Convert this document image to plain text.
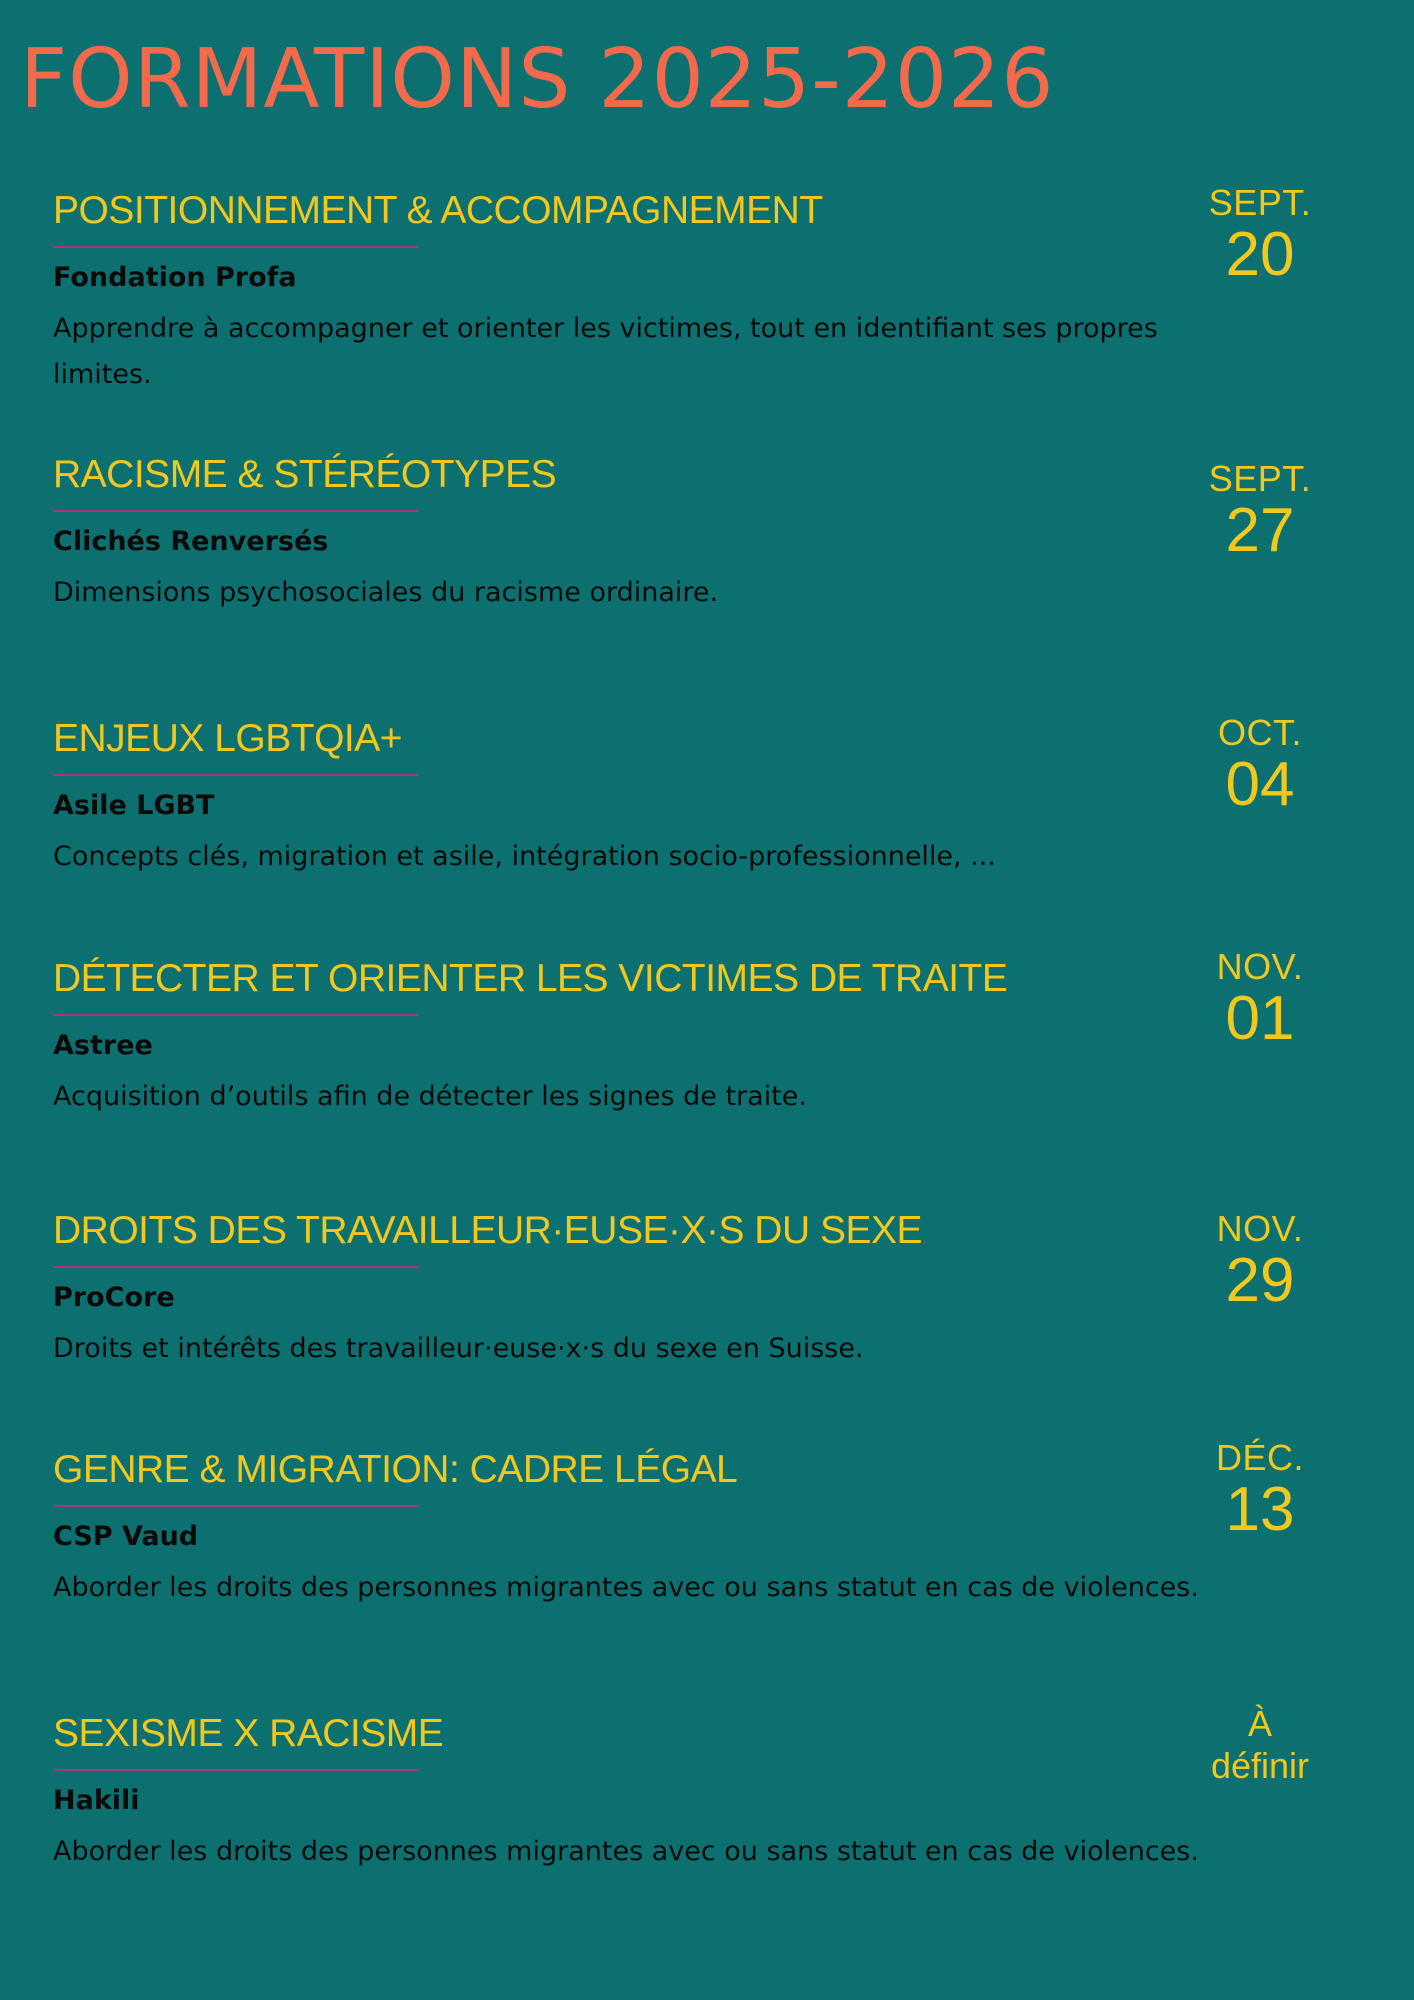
FORMATIONS 2025-2026
POSITIONNEMENT & ACCOMPAGNEMENT
Fondation Profa
Apprendre à accompagner et orienter les victimes, tout en identifiant ses propres limites.
SEPT.
20
RACISME & STÉRÉOTYPES
Clichés Renversés
Dimensions psychosociales du racisme ordinaire.
SEPT.
27
ENJEUX LGBTQIA+
Asile LGBT
Concepts clés, migration et asile, intégration socio-professionnelle, ...
OCT.
04
DÉTECTER ET ORIENTER LES VICTIMES DE TRAITE
Astree
Acquisition d’outils afin de détecter les signes de traite.
NOV.
01
DROITS DES TRAVAILLEUR·EUSE·X·S DU SEXE
ProCore
Droits et intérêts des travailleur·euse·x·s du sexe en Suisse.
NOV.
29
GENRE & MIGRATION: CADRE LÉGAL
CSP Vaud
Aborder les droits des personnes migrantes avec ou sans statut en cas de violences.
DÉC.
13
SEXISME X RACISME
Hakili
Aborder les droits des personnes migrantes avec ou sans statut en cas de violences.
À
définir
